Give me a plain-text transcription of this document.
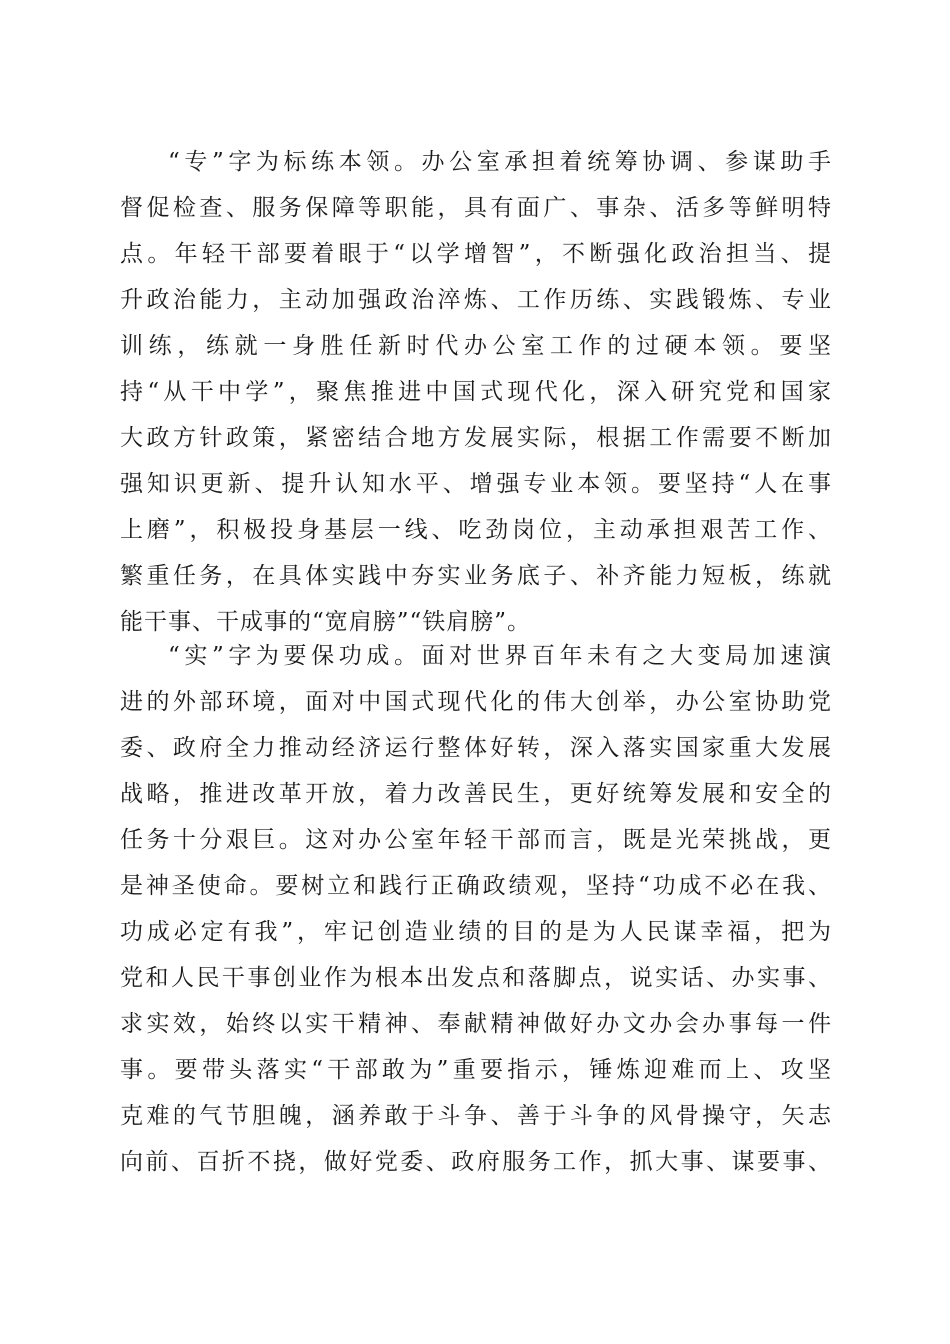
“专”字为标练本领。办公室承担着统筹协调、参谋助手
督促检查、服务保障等职能，具有面广、事杂、活多等鲜明特
点。年轻干部要着眼于“以学增智”，不断强化政治担当、提
升政治能力，主动加强政治淬炼、工作历练、实践锻炼、专业
训练，练就一身胜任新时代办公室工作的过硬本领。要坚
持“从干中学”，聚焦推进中国式现代化，深入研究党和国家
大政方针政策，紧密结合地方发展实际，根据工作需要不断加
强知识更新、提升认知水平、增强专业本领。要坚持“人在事
上磨”，积极投身基层一线、吃劲岗位，主动承担艰苦工作、
繁重任务，在具体实践中夯实业务底子、补齐能力短板，练就
能干事、干成事的“宽肩膀”“铁肩膀”。
“实”字为要保功成。面对世界百年未有之大变局加速演
进的外部环境，面对中国式现代化的伟大创举，办公室协助党
委、政府全力推动经济运行整体好转，深入落实国家重大发展
战略，推进改革开放，着力改善民生，更好统筹发展和安全的
任务十分艰巨。这对办公室年轻干部而言，既是光荣挑战，更
是神圣使命。要树立和践行正确政绩观，坚持“功成不必在我、
功成必定有我”，牢记创造业绩的目的是为人民谋幸福，把为
党和人民干事创业作为根本出发点和落脚点，说实话、办实事、
求实效，始终以实干精神、奉献精神做好办文办会办事每一件
事。要带头落实“干部敢为”重要指示，锤炼迎难而上、攻坚
克难的气节胆魄，涵养敢于斗争、善于斗争的风骨操守，矢志
向前、百折不挠，做好党委、政府服务工作，抓大事、谋要事、
